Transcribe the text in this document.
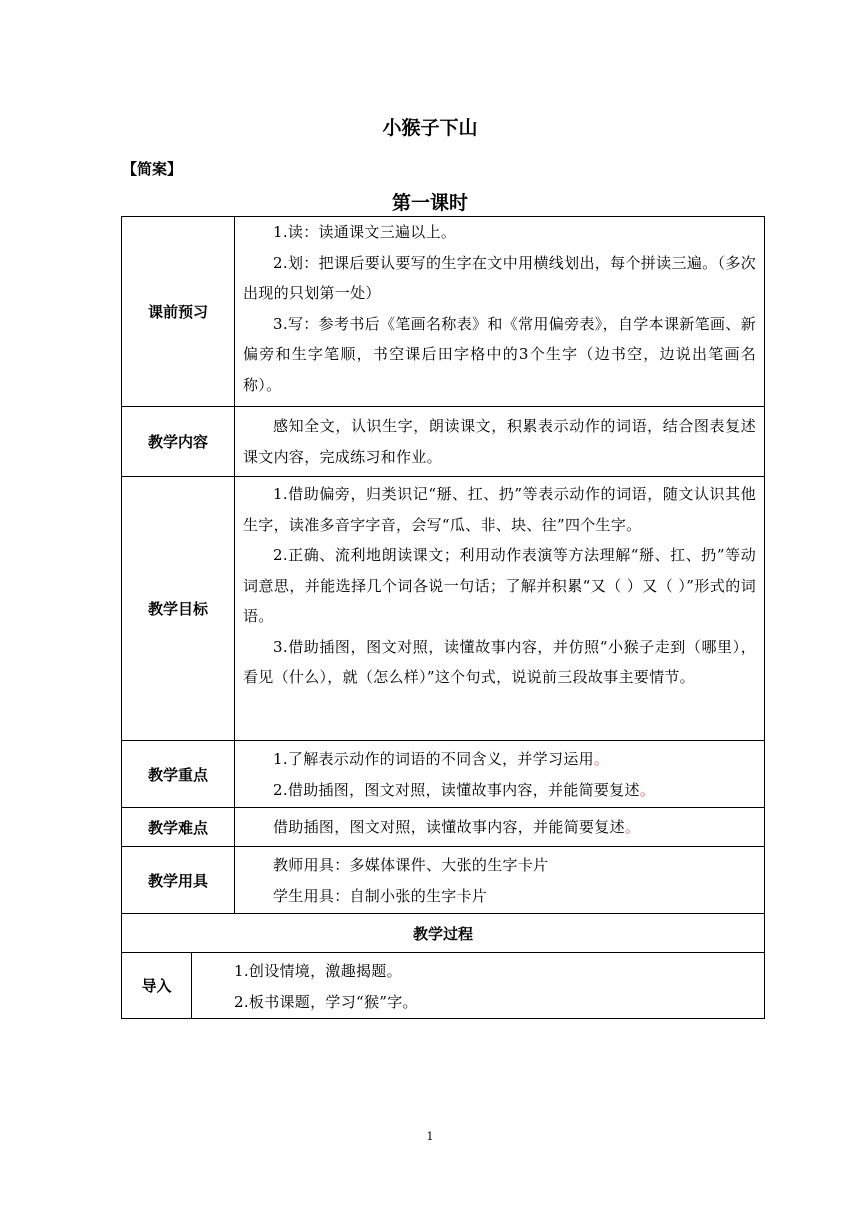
小猴子下山
【简案】
第一课时
课前预习

1.读：读通课文三遍以上。

2.划：把课后要认要写的生字在文中用横线划出，每个拼读三遍。（多次出现的只划第一处）

3.写：参考书后《笔画名称表》和《常用偏旁表》，自学本课新笔画、新偏旁和生字笔顺，书空课后田字格中的3个生字（边书空，边说出笔画名称）。

教学内容

感知全文，认识生字，朗读课文，积累表示动作的词语，结合图表复述课文内容，完成练习和作业。

教学目标

1.借助偏旁，归类识记“掰、扛、扔”等表示动作的词语，随文认识其他生字，读准多音字字音，会写“瓜、非、块、往”四个生字。

2.正确、流利地朗读课文；利用动作表演等方法理解“掰、扛、扔”等动词意思，并能选择几个词各说一句话；了解并积累“又（ ）又（ ）”形式的词语。

3.借助插图，图文对照，读懂故事内容，并仿照“小猴子走到（哪里），看见（什么），就（怎么样）”这个句式，说说前三段故事主要情节。

教学重点

1.了解表示动作的词语的不同含义，并学习运用。

2.借助插图，图文对照，读懂故事内容，并能简要复述。

教学难点	借助插图，图文对照，读懂故事内容，并能简要复述。

教学用具

教师用具：多媒体课件、大张的生字卡片

学生用具：自制小张的生字卡片

教学过程
导入

1.创设情境，激趣揭题。

2.板书课题，学习“猴”字。

1
